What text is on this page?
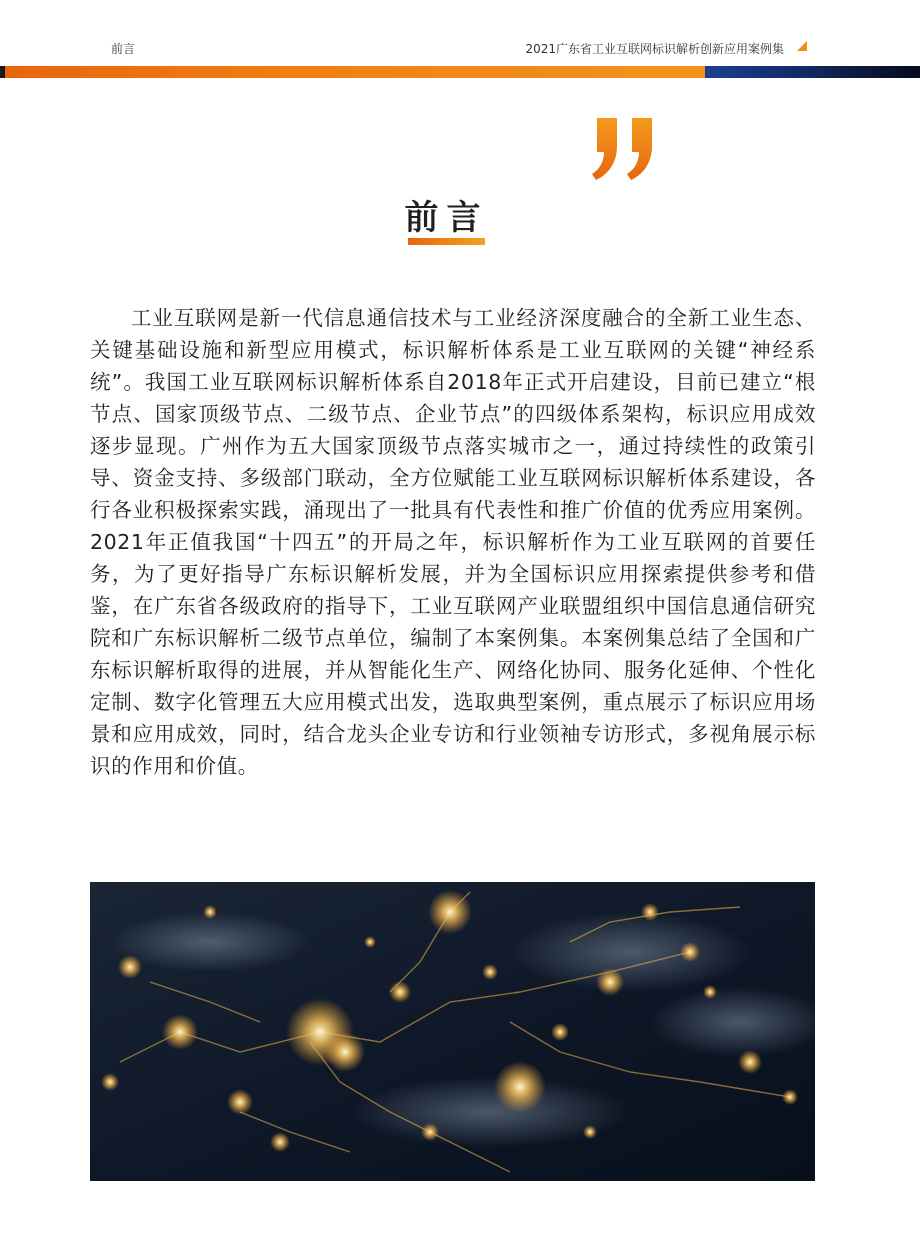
前言	2021广东省工业互联网标识解析创新应用案例集
前言

工业互联网是新一代信息通信技术与工业经济深度融合的全新工业生态、关键基础设施和新型应用模式，标识解析体系是工业互联网的关键“神经系统”。我国工业互联网标识解析体系自2018年正式开启建设，目前已建立“根节点、国家顶级节点、二级节点、企业节点”的四级体系架构，标识应用成效逐步显现。广州作为五大国家顶级节点落实城市之一，通过持续性的政策引导、资金支持、多级部门联动，全方位赋能工业互联网标识解析体系建设，各行各业积极探索实践，涌现出了一批具有代表性和推广价值的优秀应用案例。2021年正值我国“十四五”的开局之年，标识解析作为工业互联网的首要任务，为了更好指导广东标识解析发展，并为全国标识应用探索提供参考和借鉴，在广东省各级政府的指导下，工业互联网产业联盟组织中国信息通信研究院和广东标识解析二级节点单位，编制了本案例集。本案例集总结了全国和广东标识解析取得的进展，并从智能化生产、网络化协同、服务化延伸、个性化定制、数字化管理五大应用模式出发，选取典型案例，重点展示了标识应用场景和应用成效，同时，结合龙头企业专访和行业领袖专访形式，多视角展示标识的作用和价值。
